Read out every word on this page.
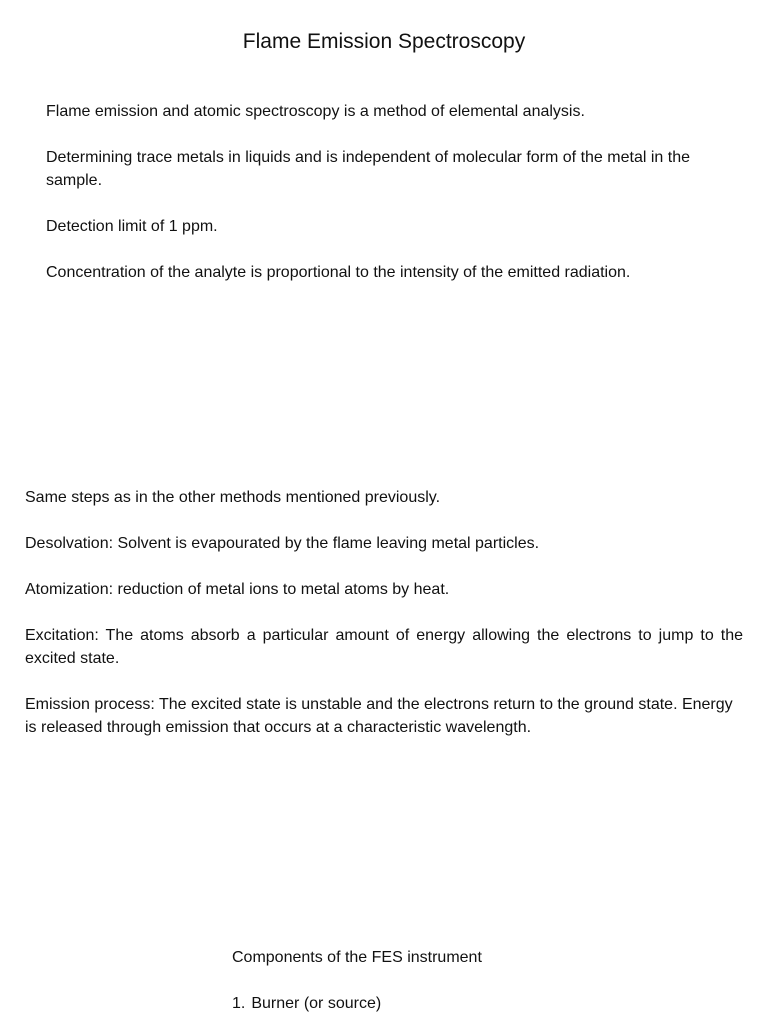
Flame Emission Spectroscopy

Flame emission and atomic spectroscopy is a method of elemental analysis.

Determining trace metals in liquids and is independent of molecular form of the metal in the sample.

Detection limit of 1 ppm.

Concentration of the analyte is proportional to the intensity of the emitted radiation.

Same steps as in the other methods mentioned previously.

Desolvation: Solvent is evapourated by the flame leaving metal particles.

Atomization: reduction of metal ions to metal atoms by heat.

Excitation: The atoms absorb a particular amount of energy allowing the electrons to jump to the excited state.

Emission process: The excited state is unstable and the electrons return to the ground state. Energy is released through emission that occurs at a characteristic wavelength.

Components of the FES instrument

1. Burner (or source)
